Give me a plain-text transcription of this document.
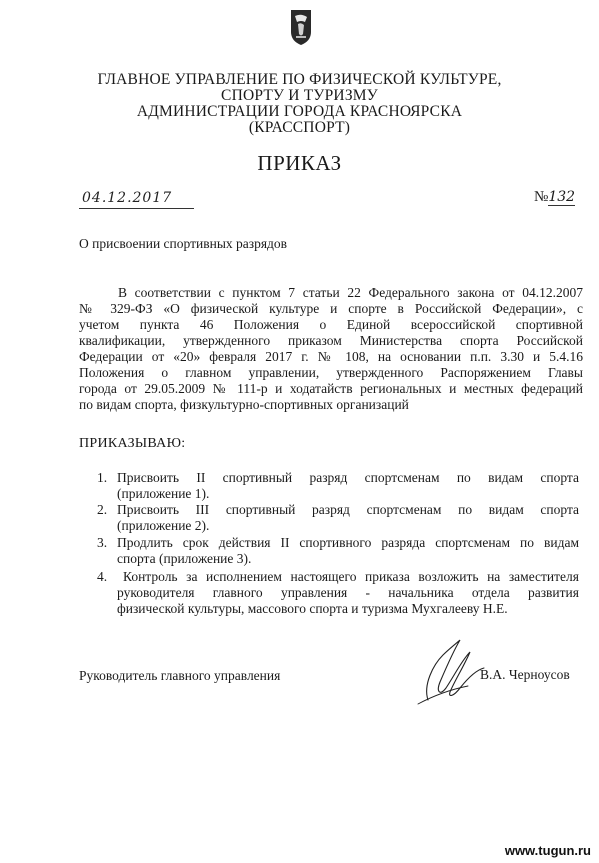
ГЛАВНОЕ УПРАВЛЕНИЕ ПО ФИЗИЧЕСКОЙ КУЛЬТУРЕ,
СПОРТУ И ТУРИЗМУ
АДМИНИСТРАЦИИ ГОРОДА КРАСНОЯРСКА
(КРАССПОРТ)
ПРИКАЗ
04.12.2017	№132
О присвоении спортивных разрядов
В соответствии с пунктом 7 статьи 22 Федерального закона от 04.12.2007
№ 329-ФЗ «О физической культуре и спорте в Российской Федерации», с
учетом пункта 46 Положения о Единой всероссийской спортивной
квалификации, утвержденного приказом Министерства спорта Российской
Федерации от «20» февраля 2017 г. № 108, на основании п.п. 3.30 и 5.4.16
Положения о главном управлении, утвержденного Распоряжением Главы
города от 29.05.2009 № 111-р и ходатайств региональных и местных федераций
по видам спорта, физкультурно-спортивных организаций
ПРИКАЗЫВАЮ:
1. Присвоить II спортивный разряд спортсменам по видам спорта
(приложение 1).
2. Присвоить III спортивный разряд спортсменам по видам спорта
(приложение 2).
3. Продлить срок действия II спортивного разряда спортсменам по видам
спорта (приложение 3).
4. Контроль за исполнением настоящего приказа возложить на заместителя
руководителя главного управления - начальника отдела развития
физической культуры, массового спорта и туризма Мухгалееву Н.Е.
Руководитель главного управления	В.А. Черноусов
www.tugun.ru
